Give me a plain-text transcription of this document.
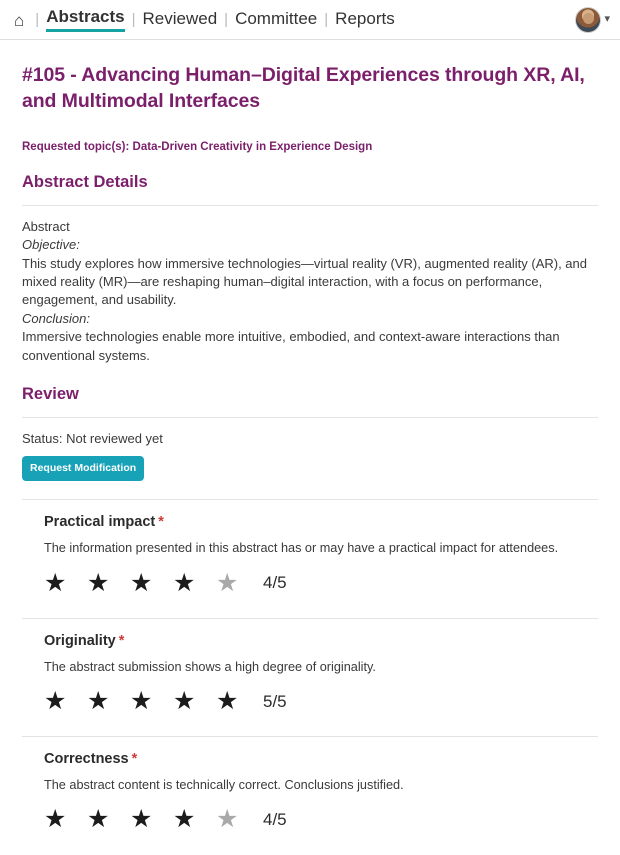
⌂ | Abstracts | Reviewed | Committee | Reports	▾
#105 - Advancing Human–Digital Experiences through XR, AI, and Multimodal Interfaces
Requested topic(s): Data-Driven Creativity in Experience Design
Abstract Details

Abstract

Objective:

This study explores how immersive technologies—virtual reality (VR), augmented reality (AR), and mixed reality (MR)—are reshaping human–digital interaction, with a focus on performance, engagement, and usability.

Conclusion:

Immersive technologies enable more intuitive, embodied, and context-aware interactions than conventional systems.

Review
Status: Not reviewed yet
Request Modification
Practical impact *
The information presented in this abstract has or may have a practical impact for attendees.
★ ★ ★ ★ ★	4/5
Originality *
The abstract submission shows a high degree of originality.
★ ★ ★ ★ ★	5/5
Correctness *
The abstract content is technically correct. Conclusions justified.
★ ★ ★ ★ ★	4/5
